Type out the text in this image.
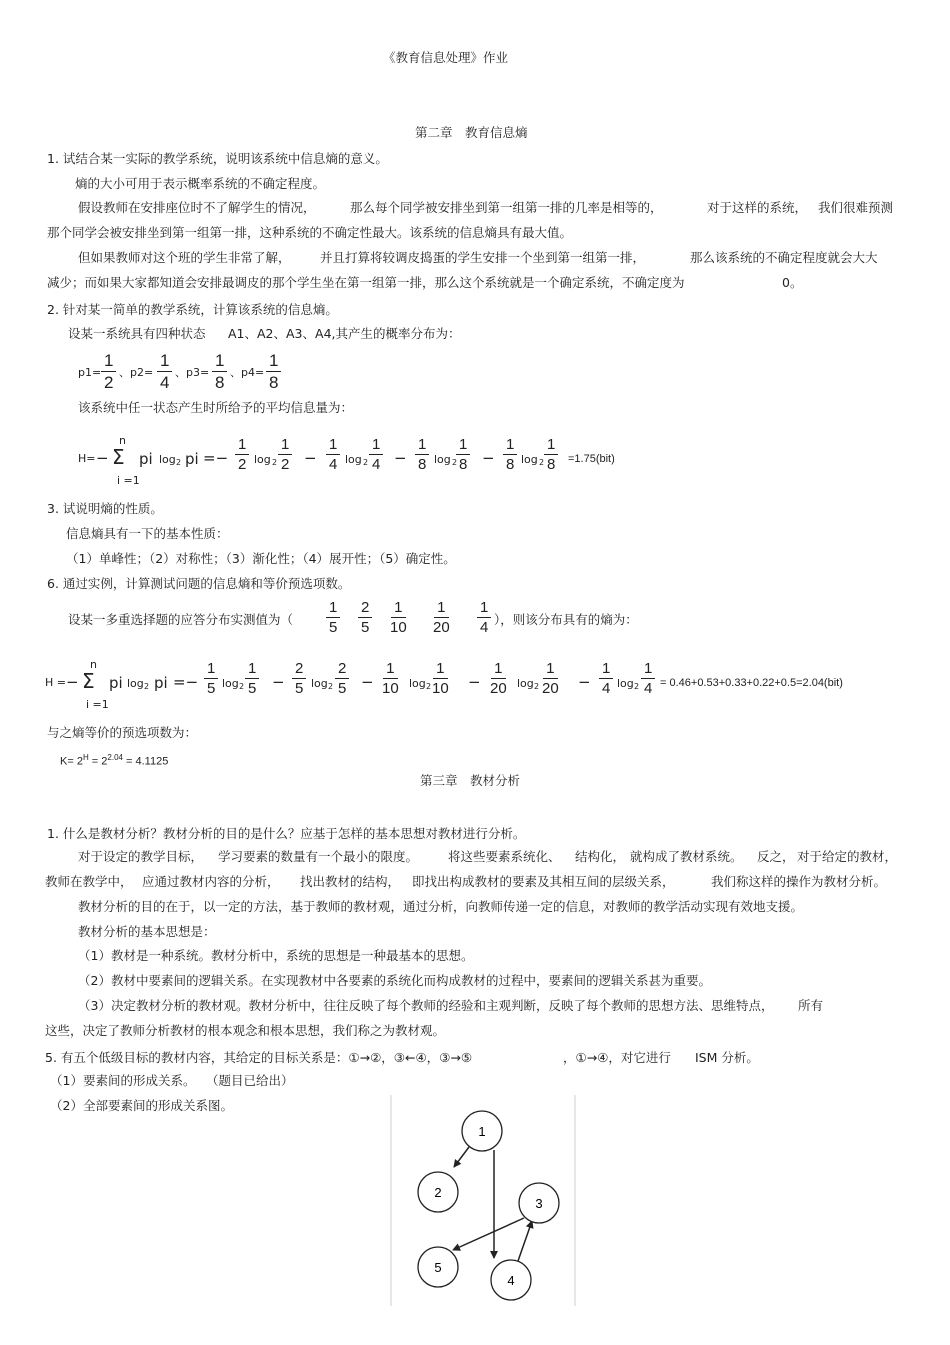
《教育信息处理》作业
第二章　教育信息熵
1. 试结合某一实际的教学系统，说明该系统中信息熵的意义。
熵的大小可用于表示概率系统的不确定程度。
假设教师在安排座位时不了解学生的情况，	那么每个同学被安排坐到第一组第一排的几率是相等的，	对于这样的系统， 我们很难预测
那个同学会被安排坐到第一组第一排，这种系统的不确定性最大。该系统的信息熵具有最大值。
但如果教师对这个班的学生非常了解， 并且打算将较调皮捣蛋的学生安排一个坐到第一组第一排，	那么该系统的不确定程度就会大大
减少；而如果大家都知道会安排最调皮的那个学生坐在第一组第一排，那么这个系统就是一个确定系统，不确定度为	0。
2. 针对某一简单的教学系统，计算该系统的信息熵。
设某一系统具有四种状态 A1、A2、A3、A4,其产生的概率分布为：
$p1= \frac{1}{2}$ 、$p2= \frac{1}{4}$ 、$p3= \frac{1}{8}$ 、$p4= \frac{1}{8}$
该系统中任一状态产生时所给予的平均信息量为：
H= −
n
Σ
i =1
pi log 2 pi =− $\frac{1}{2}$ $\log 2 \frac{1}{2} - \frac{1}{4}$ $\log 2 \frac{1}{4} - \frac{1}{8}$ log 2
$\frac{1}{8} - \frac{1}{8}$ $\log 2 \frac{1}{8} =1.75(bit)$
3. 试说明熵的性质。
信息熵具有一下的基本性质：
（1）单峰性；（2）对称性；（3）渐化性；（4）展开性；（5）确定性。
6. 通过实例，计算测试问题的信息熵和等价预选项数。
设某一多重选择题的应答分布实测值为（ $\frac{1}{5} \frac{2}{5} \frac{1}{10} \frac{1}{20} \frac{1}{4}$ ），则该分布具有的熵为：
H = −
n
Σ
i =1
pi log 2 pi =− $\frac{1}{5}$ $\log 2 \frac{1}{5} - \frac{2}{5}$ $\log 2 \frac{2}{5} - \frac{1}{10}$ $\log 2 \frac{1}{10} - \frac{1}{20}$ $\log 2 \frac{1}{20} - \frac{1}{4}$ $\log 2 \frac{1}{4} = 0.46+0.53+0.33+0.22+0.5=2.04(bit)$
与之熵等价的预选项数为：
$K= 2^H = 2^{2.04} = 4.1125$
第三章　教材分析
1. 什么是教材分析？教材分析的目的是什么？应基于怎样的基本思想对教材进行分析。
对于设定的教学目标， 学习要素的数量有一个最小的限度。 将这些要素系统化、 结构化， 就构成了教材系统。 反之， 对于给定的教材，
教师在教学中， 应通过教材内容的分析， 找出教材的结构， 即找出构成教材的要素及其相互间的层级关系，	我们称这样的操作为教材分析。
教材分析的目的在于，以一定的方法，基于教师的教材观，通过分析，向教师传递一定的信息，对教师的教学活动实现有效地支援。
教材分析的基本思想是：
（1）教材是一种系统。教材分析中，系统的思想是一种最基本的思想。
（2）教材中要素间的逻辑关系。在实现教材中各要素的系统化而构成教材的过程中，要素间的逻辑关系甚为重要。
（3）决定教材分析的教材观。教材分析中，往往反映了每个教师的经验和主观判断，反映了每个教师的思想方法、思维特点， 所有
这些，决定了教师分析教材的根本观念和根本思想，我们称之为教材观。
5. 有五个低级目标的教材内容，其给定的目标关系是：①→②，③←④，③→⑤	，①→④，对它进行 ISM 分析。
（1）要素间的形成关系。 （题目已给出）
（2）全部要素间的形成关系图。
1
2
3
4
5
